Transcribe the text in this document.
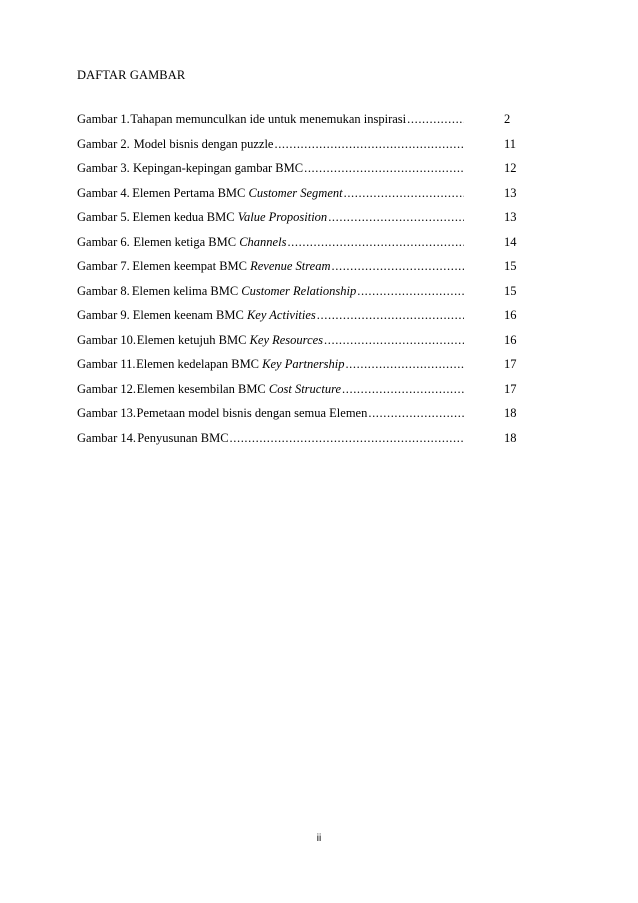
DAFTAR GAMBAR
Gambar 1. Tahapan memunculkan ide untuk menemukan inspirasi .....	2
Gambar 2. Model bisnis dengan puzzle .....	11
Gambar 3. Kepingan-kepingan gambar BMC .....	12
Gambar 4. Elemen Pertama BMC Customer Segment .....	13
Gambar 5. Elemen kedua BMC Value Proposition .....	13
Gambar 6. Elemen ketiga BMC Channels .....	14
Gambar 7. Elemen keempat BMC Revenue Stream .....	15
Gambar 8. Elemen kelima BMC Customer Relationship .....	15
Gambar 9. Elemen keenam BMC Key Activities .....	16
Gambar 10. Elemen ketujuh BMC Key Resources .....	16
Gambar 11. Elemen kedelapan BMC Key Partnership .....	17
Gambar 12. Elemen kesembilan BMC Cost Structure .....	17
Gambar 13. Pemetaan model bisnis dengan semua Elemen .....	18
Gambar 14. Penyusunan BMC .....	18
ii
